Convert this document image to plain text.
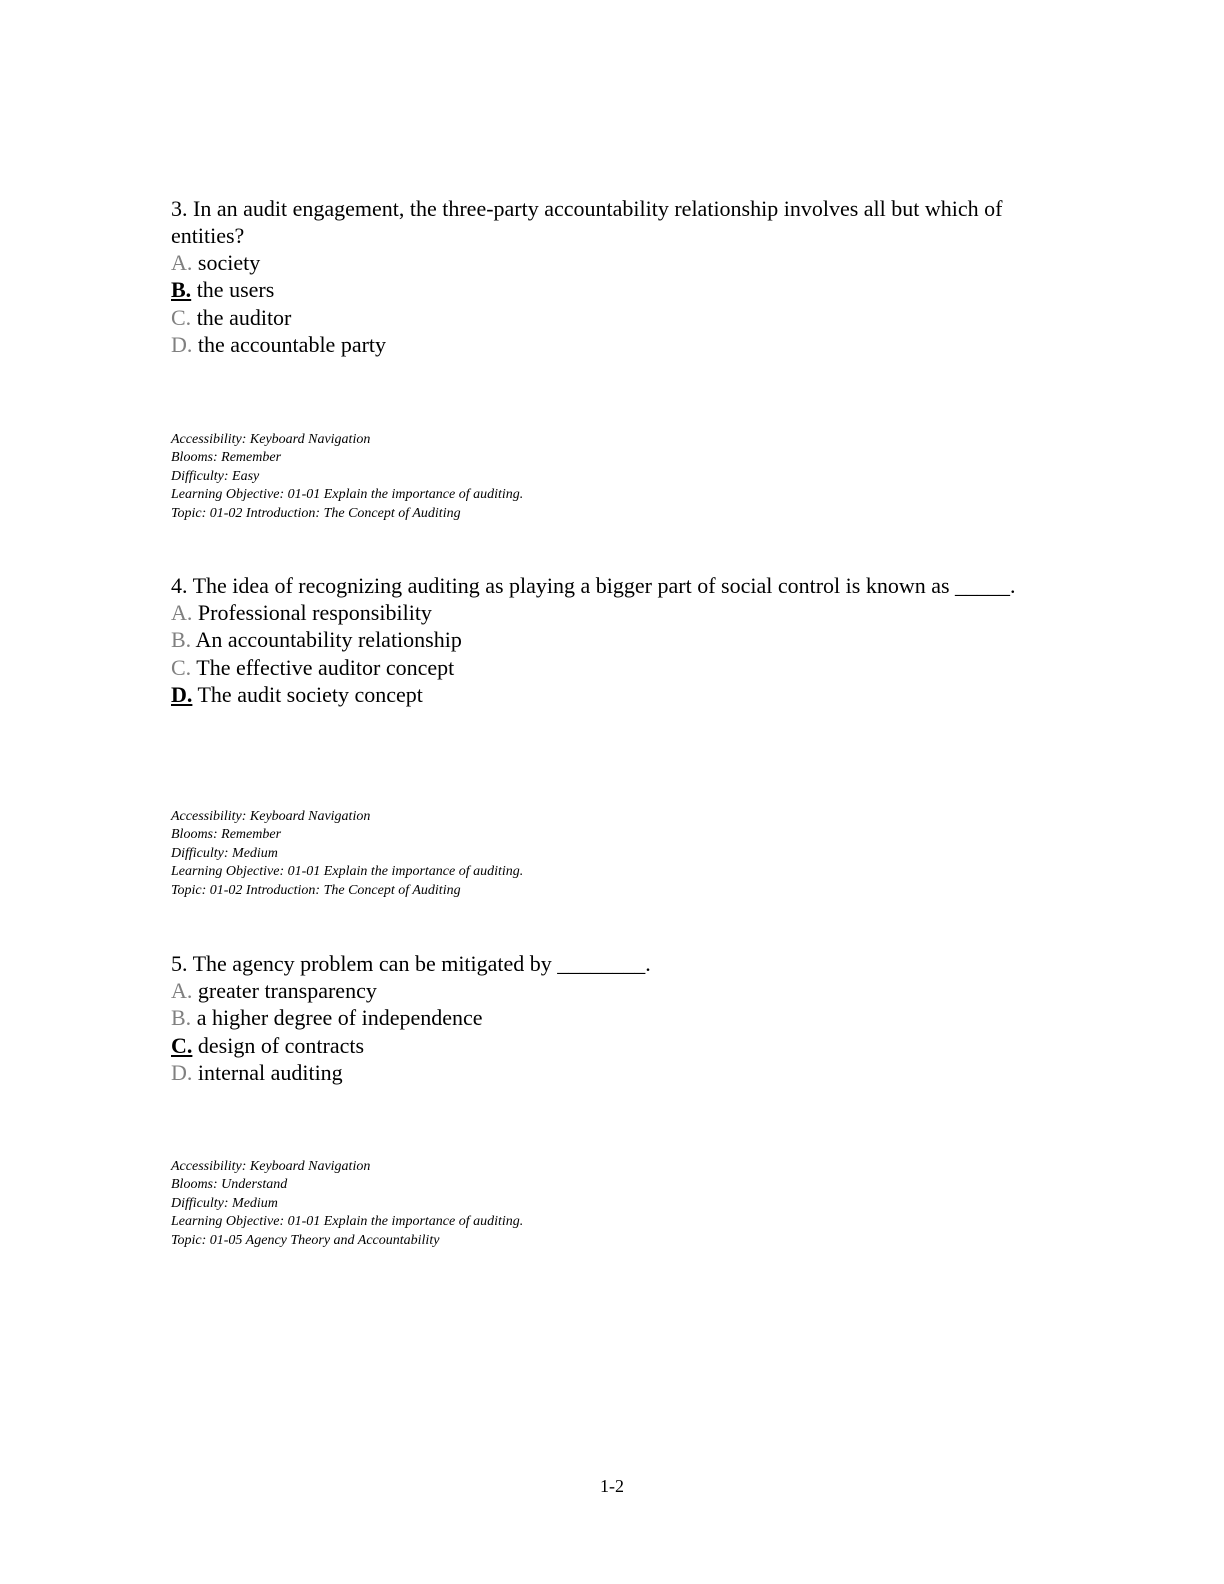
3. In an audit engagement, the three-party accountability relationship involves all but which of entities?

A. society
B. the users
C. the auditor
D. the accountable party
Accessibility: Keyboard Navigation
Blooms: Remember
Difficulty: Easy
Learning Objective: 01-01 Explain the importance of auditing.
Topic: 01-02 Introduction: The Concept of Auditing

4. The idea of recognizing auditing as playing a bigger part of social control is known as _____.

A. Professional responsibility
B. An accountability relationship
C. The effective auditor concept
D. The audit society concept
Accessibility: Keyboard Navigation
Blooms: Remember
Difficulty: Medium
Learning Objective: 01-01 Explain the importance of auditing.
Topic: 01-02 Introduction: The Concept of Auditing

5. The agency problem can be mitigated by ________.

A. greater transparency
B. a higher degree of independence
C. design of contracts
D. internal auditing
Accessibility: Keyboard Navigation
Blooms: Understand
Difficulty: Medium
Learning Objective: 01-01 Explain the importance of auditing.
Topic: 01-05 Agency Theory and Accountability
1-2
